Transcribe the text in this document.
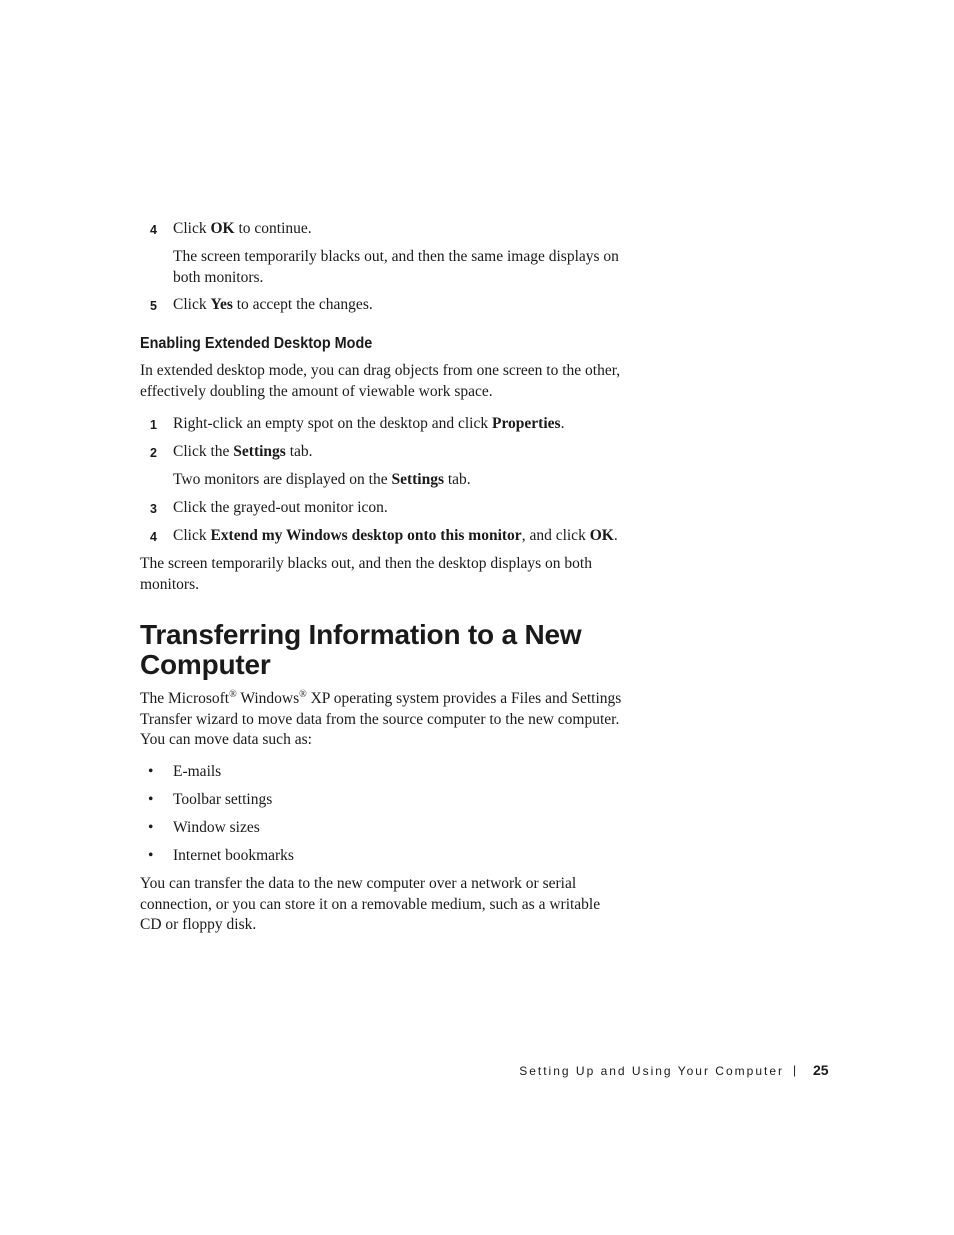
4	Click OK to continue.
The screen temporarily blacks out, and then the same image displays on both monitors.
5	Click Yes to accept the changes.
Enabling Extended Desktop Mode
In extended desktop mode, you can drag objects from one screen to the other, effectively doubling the amount of viewable work space.
1	Right-click an empty spot on the desktop and click Properties.
2	Click the Settings tab.
Two monitors are displayed on the Settings tab.
3	Click the grayed-out monitor icon.
4	Click Extend my Windows desktop onto this monitor, and click OK.
The screen temporarily blacks out, and then the desktop displays on both monitors.
Transferring Information to a New Computer
The Microsoft® Windows® XP operating system provides a Files and Settings Transfer wizard to move data from the source computer to the new computer. You can move data such as:
• E-mails
• Toolbar settings
• Window sizes
• Internet bookmarks
You can transfer the data to the new computer over a network or serial connection, or you can store it on a removable medium, such as a writable CD or floppy disk.
Setting Up and Using Your Computer | 25
